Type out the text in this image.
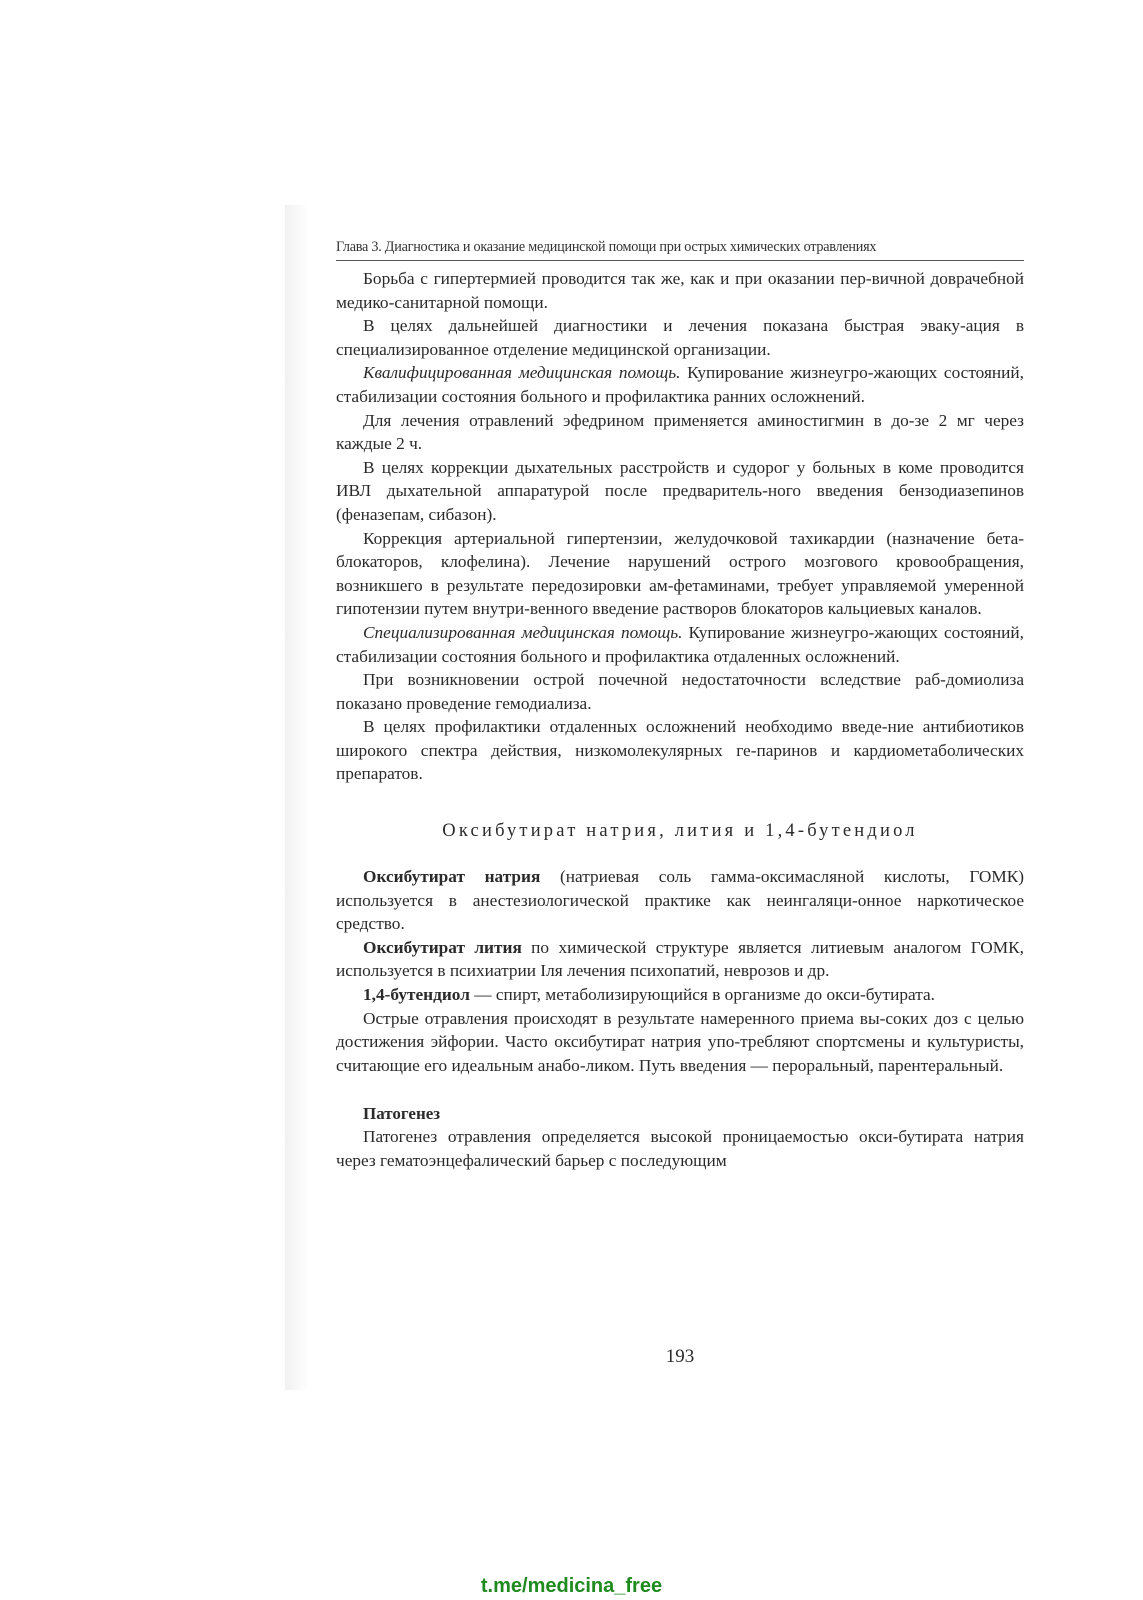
Глава 3. Диагностика и оказание медицинской помощи при острых химических отравлениях

Борьба с гипертермией проводится так же, как и при оказании пер-вичной доврачебной медико-санитарной помощи.

В целях дальнейшей диагностики и лечения показана быстрая эваку-ация в специализированное отделение медицинской организации.

Квалифицированная медицинская помощь. Купирование жизнеугро-жающих состояний, стабилизации состояния больного и профилактика ранних осложнений.

Для лечения отравлений эфедрином применяется аминостигмин в до-зе 2 мг через каждые 2 ч.

В целях коррекции дыхательных расстройств и судорог у больных в коме проводится ИВЛ дыхательной аппаратурой после предваритель-ного введения бензодиазепинов (феназепам, сибазон).

Коррекция артериальной гипертензии, желудочковой тахикардии (назначение бета-блокаторов, клофелина). Лечение нарушений острого мозгового кровообращения, возникшего в результате передозировки ам-фетаминами, требует управляемой умеренной гипотензии путем внутри-венного введение растворов блокаторов кальциевых каналов.

Специализированная медицинская помощь. Купирование жизнеугро-жающих состояний, стабилизации состояния больного и профилактика отдаленных осложнений.

При возникновении острой почечной недостаточности вследствие раб-домиолиза показано проведение гемодиализа.

В целях профилактики отдаленных осложнений необходимо введе-ние антибиотиков широкого спектра действия, низкомолекулярных ге-паринов и кардиометаболических препаратов.

Оксибутират натрия, лития и 1,4-бутендиол

Оксибутират натрия (натриевая соль гамма-оксимасляной кислоты, ГОМК) используется в анестезиологической практике как неингаляци-онное наркотическое средство.

Оксибутират лития по химической структуре является литиевым аналогом ГОМК, используется в психиатрии Iля лечения психопатий, неврозов и др.

1,4-бутендиол — спирт, метаболизирующийся в организме до окси-бутирата.

Острые отравления происходят в результате намеренного приема вы-соких доз с целью достижения эйфории. Часто оксибутират натрия упо-требляют спортсмены и культуристы, считающие его идеальным анабо-ликом. Путь введения — пероральный, парентеральный.

Патогенез

Патогенез отравления определяется высокой проницаемостью окси-бутирата натрия через гематоэнцефалический барьер с последующим

193
t.me/medicina_free
